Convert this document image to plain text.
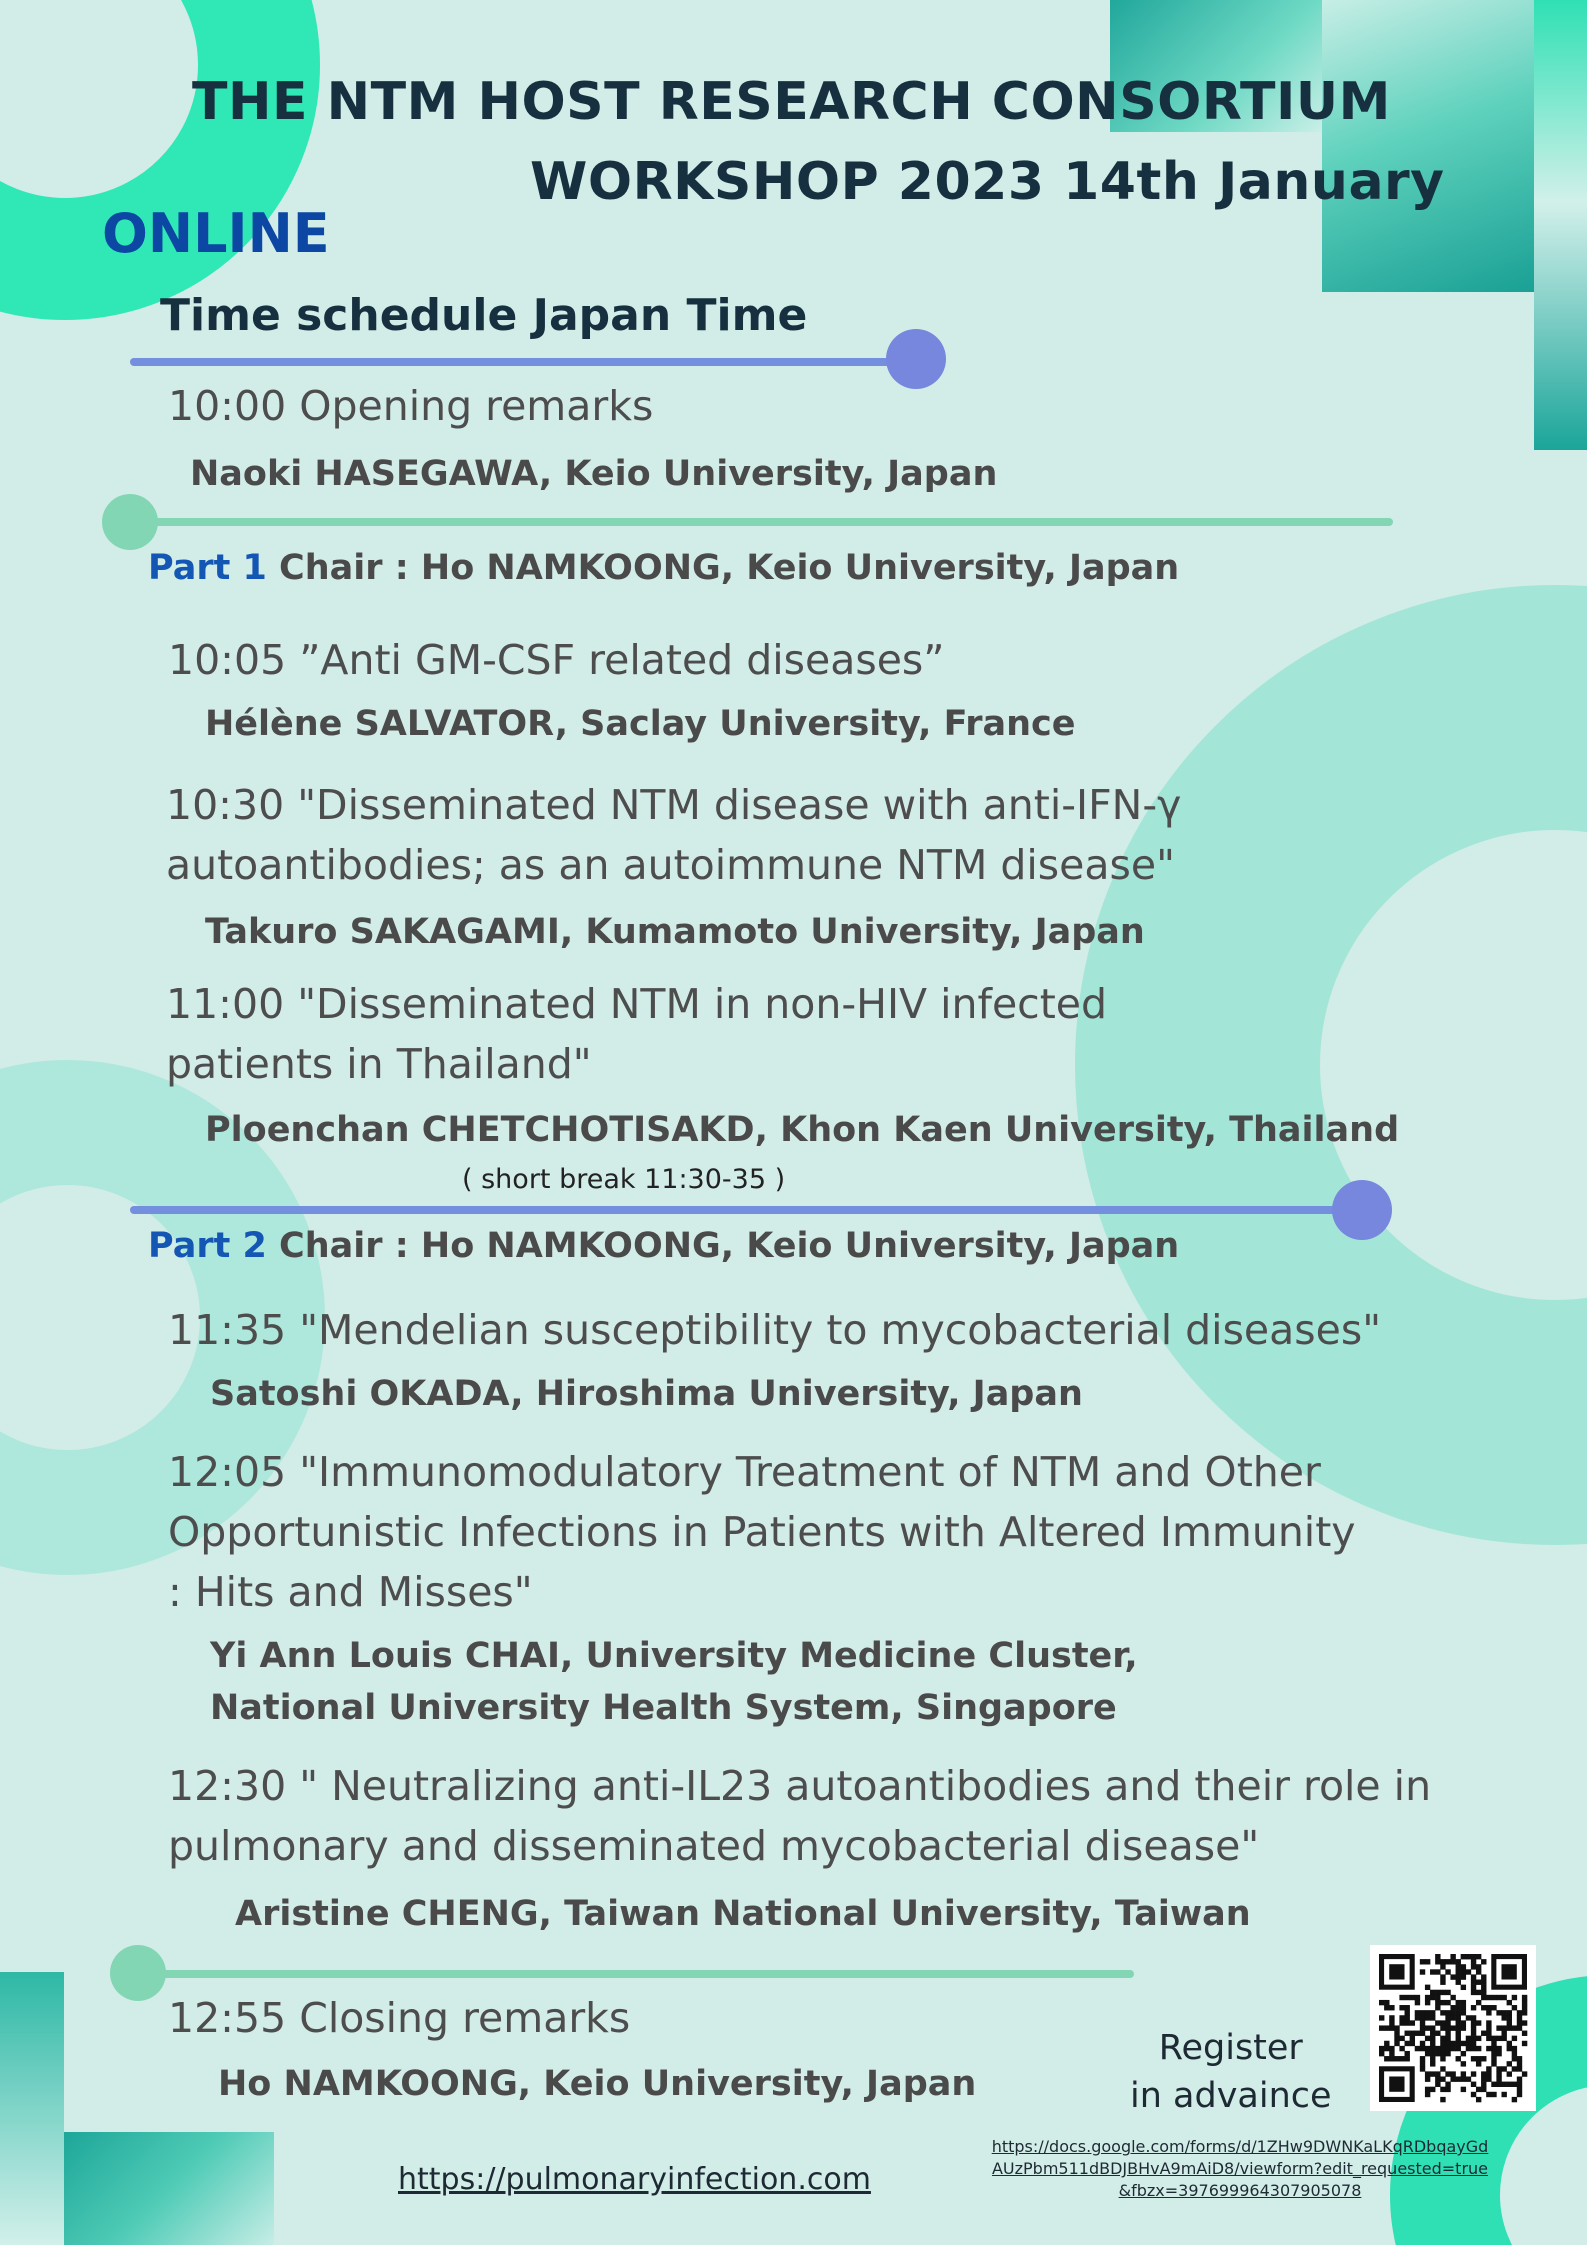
THE NTM HOST RESEARCH CONSORTIUM
WORKSHOP 2023 14th January
ONLINE
Time schedule Japan Time
10:00 Opening remarks
Naoki HASEGAWA, Keio University, Japan
Part 1 Chair : Ho NAMKOONG, Keio University, Japan
10:05 ”Anti GM-CSF related diseases”
Hélène SALVATOR, Saclay University, France
10:30 "Disseminated NTM disease with anti-IFN-γ
autoantibodies; as an autoimmune NTM disease"
Takuro SAKAGAMI, Kumamoto University, Japan
11:00 "Disseminated NTM in non-HIV infected
patients in Thailand"
Ploenchan CHETCHOTISAKD, Khon Kaen University, Thailand
( short break 11:30-35 )
Part 2 Chair : Ho NAMKOONG, Keio University, Japan
11:35 "Mendelian susceptibility to mycobacterial diseases"
Satoshi OKADA, Hiroshima University, Japan
12:05 "Immunomodulatory Treatment of NTM and Other
Opportunistic Infections in Patients with Altered Immunity
: Hits and Misses"
Yi Ann Louis CHAI, University Medicine Cluster,
National University Health System, Singapore
12:30 " Neutralizing anti-IL23 autoantibodies and their role in
pulmonary and disseminated mycobacterial disease"
Aristine CHENG, Taiwan National University, Taiwan
12:55 Closing remarks
Ho NAMKOONG, Keio University, Japan
Register
in advaince
https://docs.google.com/forms/d/1ZHw9DWNKaLKqRDbqayGdAUzPbm511dBDJBHvA9mAiD8/viewform?edit_requested=true&fbzx=397699964307905078
https://pulmonaryinfection.com
